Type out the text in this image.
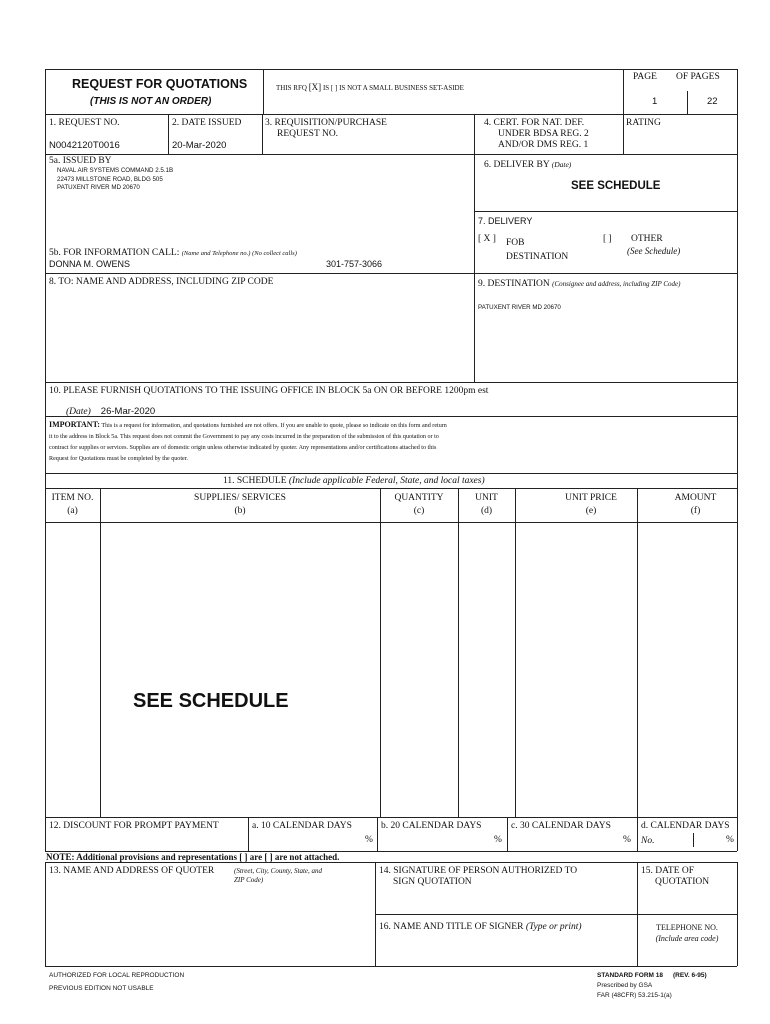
REQUEST FOR QUOTATIONS
(THIS IS NOT AN ORDER)
THIS RFQ [X] IS [ ] IS NOT A SMALL BUSINESS SET-ASIDE
PAGE OF PAGES
1	22
1. REQUEST NO.
N0042120T0016
2. DATE ISSUED
20-Mar-2020
3. REQUISITION/PURCHASE
REQUEST NO.
4. CERT. FOR NAT. DEF.
UNDER BDSA REG. 2
AND/OR DMS REG. 1
RATING
5a. ISSUED BY
NAVAL AIR SYSTEMS COMMAND 2.5.1B
22473 MILLSTONE ROAD, BLDG 505
PATUXENT RIVER MD 20670
6. DELIVER BY (Date)
SEE SCHEDULE
7. DELIVERY
[ X ] FOB
DESTINATION
[ ] OTHER
(See Schedule)
5b. FOR INFORMATION CALL: (Name and Telephone no.) (No collect calls)
DONNA M. OWENS	301-757-3066
8. TO: NAME AND ADDRESS, INCLUDING ZIP CODE	9. DESTINATION (Consignee and address, including ZIP Code)
PATUXENT RIVER MD 20670
10. PLEASE FURNISH QUOTATIONS TO THE ISSUING OFFICE IN BLOCK 5a ON OR BEFORE 1200pm est
(Date) 26-Mar-2020
IMPORTANT: This is a request for information, and quotations furnished are not offers. If you are unable to quote, please so indicate on this form and return
it to the address in Block 5a. This request does not commit the Government to pay any costs incurred in the preparation of the submission of this quotation or to
contract for supplies or services. Supplies are of domestic origin unless otherwise indicated by quoter. Any representations and/or certifications attached to this
Request for Quotations must be completed by the quoter.
11. SCHEDULE (Include applicable Federal, State, and local taxes)
ITEM NO.
(a)
SUPPLIES/ SERVICES
(b)
QUANTITY
(c)
UNIT
(d)
UNIT PRICE
(e)
AMOUNT
(f)
SEE SCHEDULE
12. DISCOUNT FOR PROMPT PAYMENT	a. 10 CALENDAR DAYS
%
b. 20 CALENDAR DAYS
%
c. 30 CALENDAR DAYS
%
d. CALENDAR DAYS
No.	%
NOTE: Additional provisions and representations [ ] are [ ] are not attached.
13. NAME AND ADDRESS OF QUOTER	(Street, City, County, State, and
ZIP Code)
14. SIGNATURE OF PERSON AUTHORIZED TO
SIGN QUOTATION
15. DATE OF
QUOTATION
16. NAME AND TITLE OF SIGNER (Type or print)	TELEPHONE NO.
(Include area code)
AUTHORIZED FOR LOCAL REPRODUCTION
PREVIOUS EDITION NOT USABLE
STANDARD FORM 18 (REV. 6-95)
Prescribed by GSA
FAR (48CFR) 53.215-1(a)
